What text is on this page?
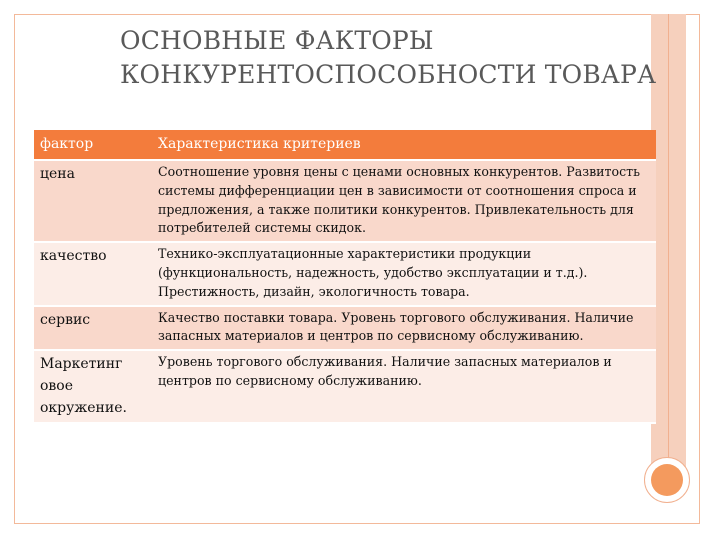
ОСНОВНЫЕ ФАКТОРЫ
КОНКУРЕНТОСПОСОБНОСТИ ТОВАРА
фактор	Характеристика критериев
цена	Соотношение уровня цены с ценами основных конкурентов. Развитость системы дифференциации цен в зависимости от соотношения спроса и предложения, а также политики конкурентов. Привлекательность для потребителей системы скидок.
качество	Технико-эксплуатационные характеристики продукции (функциональность, надежность, удобство эксплуатации и т.д.). Престижность, дизайн, экологичность товара.
сервис	Качество поставки товара. Уровень торгового обслуживания. Наличие запасных материалов и центров по сервисному обслуживанию.
Маркетинг овое окружение.	Уровень торгового обслуживания. Наличие запасных материалов и центров по сервисному обслуживанию.
